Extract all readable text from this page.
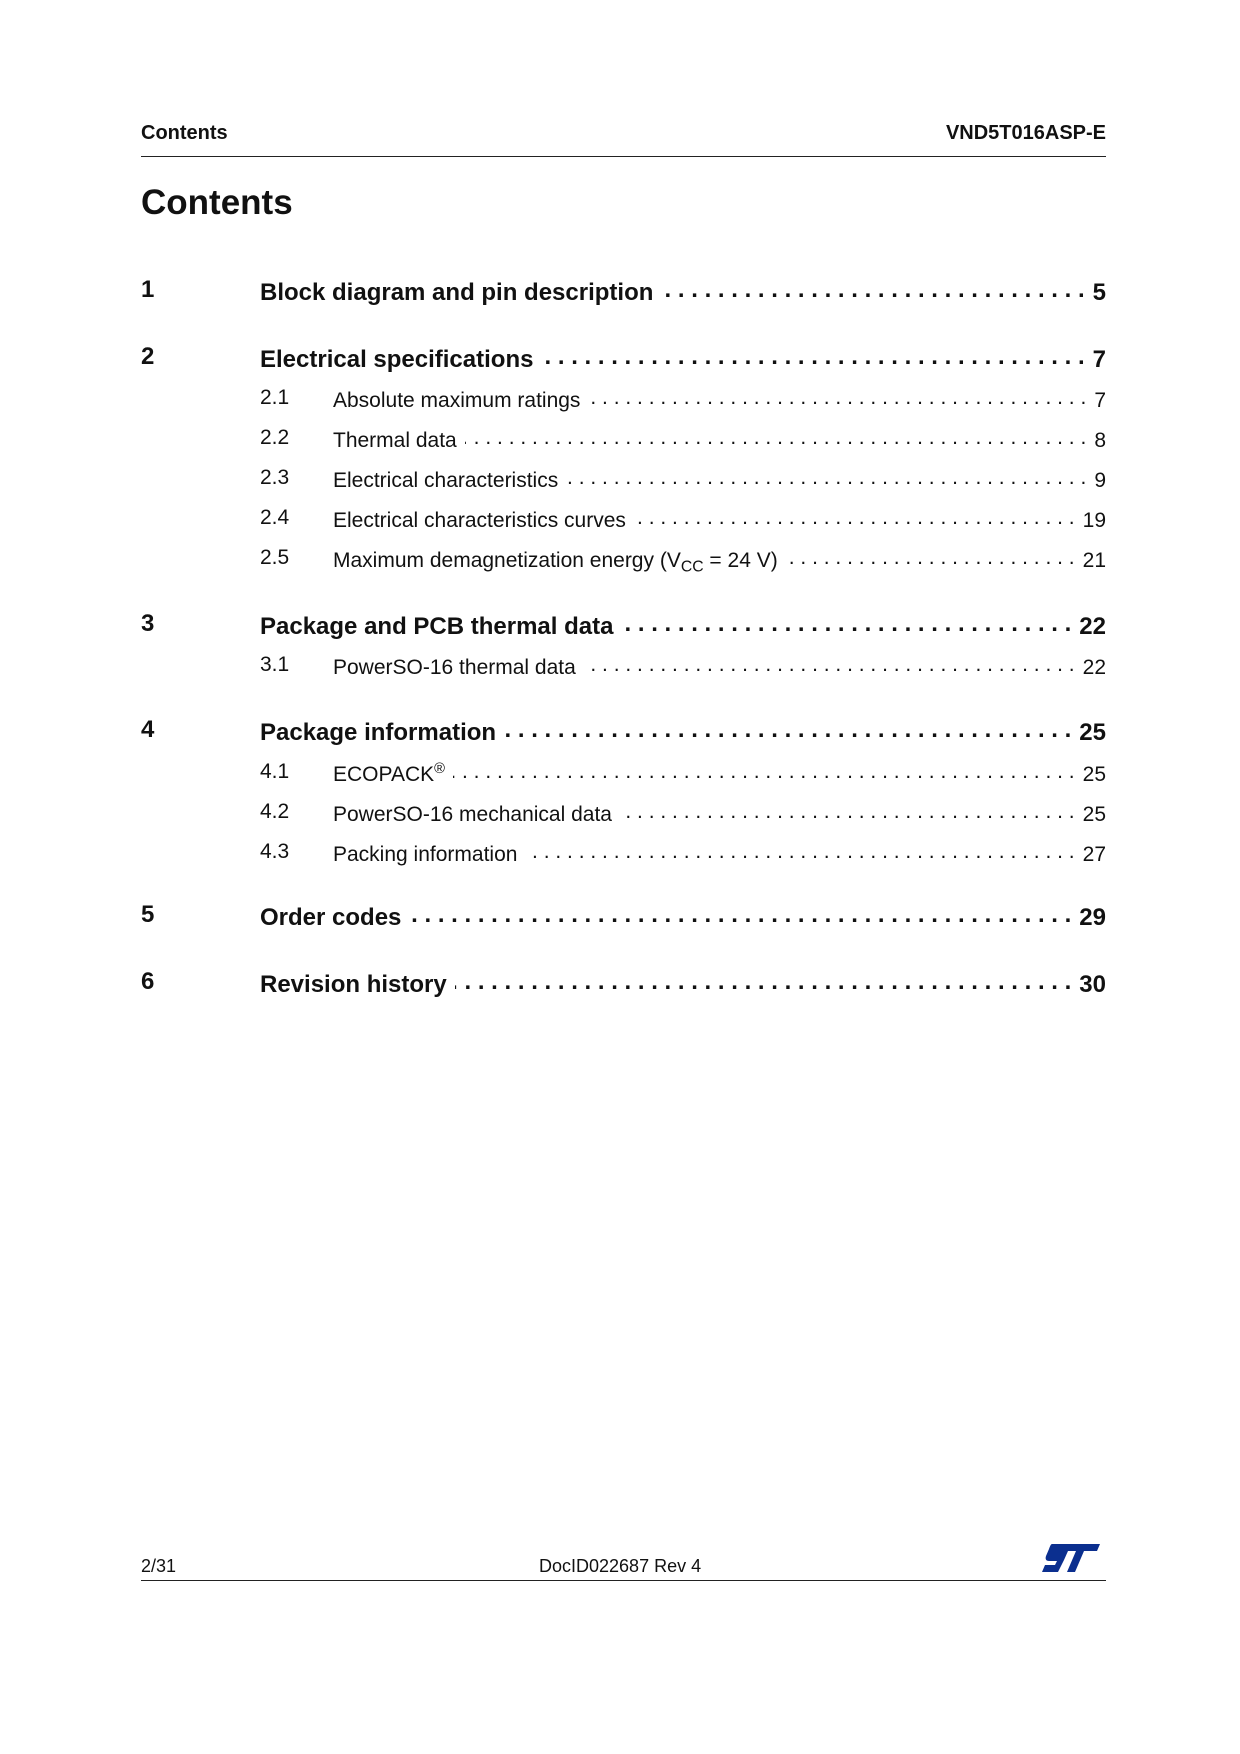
Contents	VND5T016ASP-E
Contents
1	Block diagram and pin description . . .	5
2	Electrical specifications . . .	7
2.1 Absolute maximum ratings . . .	7
2.2 Thermal data . . .	8
2.3 Electrical characteristics . . .	9
2.4 Electrical characteristics curves . . .	19
2.5 Maximum demagnetization energy ($V_{CC} = 24$ V) . . .	21
3	Package and PCB thermal data . . .	22
3.1 PowerSO-16 thermal data . . .	22
4	Package information . . .	25
4.1 ECOPACK® . . .	25
4.2 PowerSO-16 mechanical data . . .	25
4.3 Packing information . . .	27
5	Order codes . . .	29
6	Revision history . . .	30
2/31	DocID022687 Rev 4
